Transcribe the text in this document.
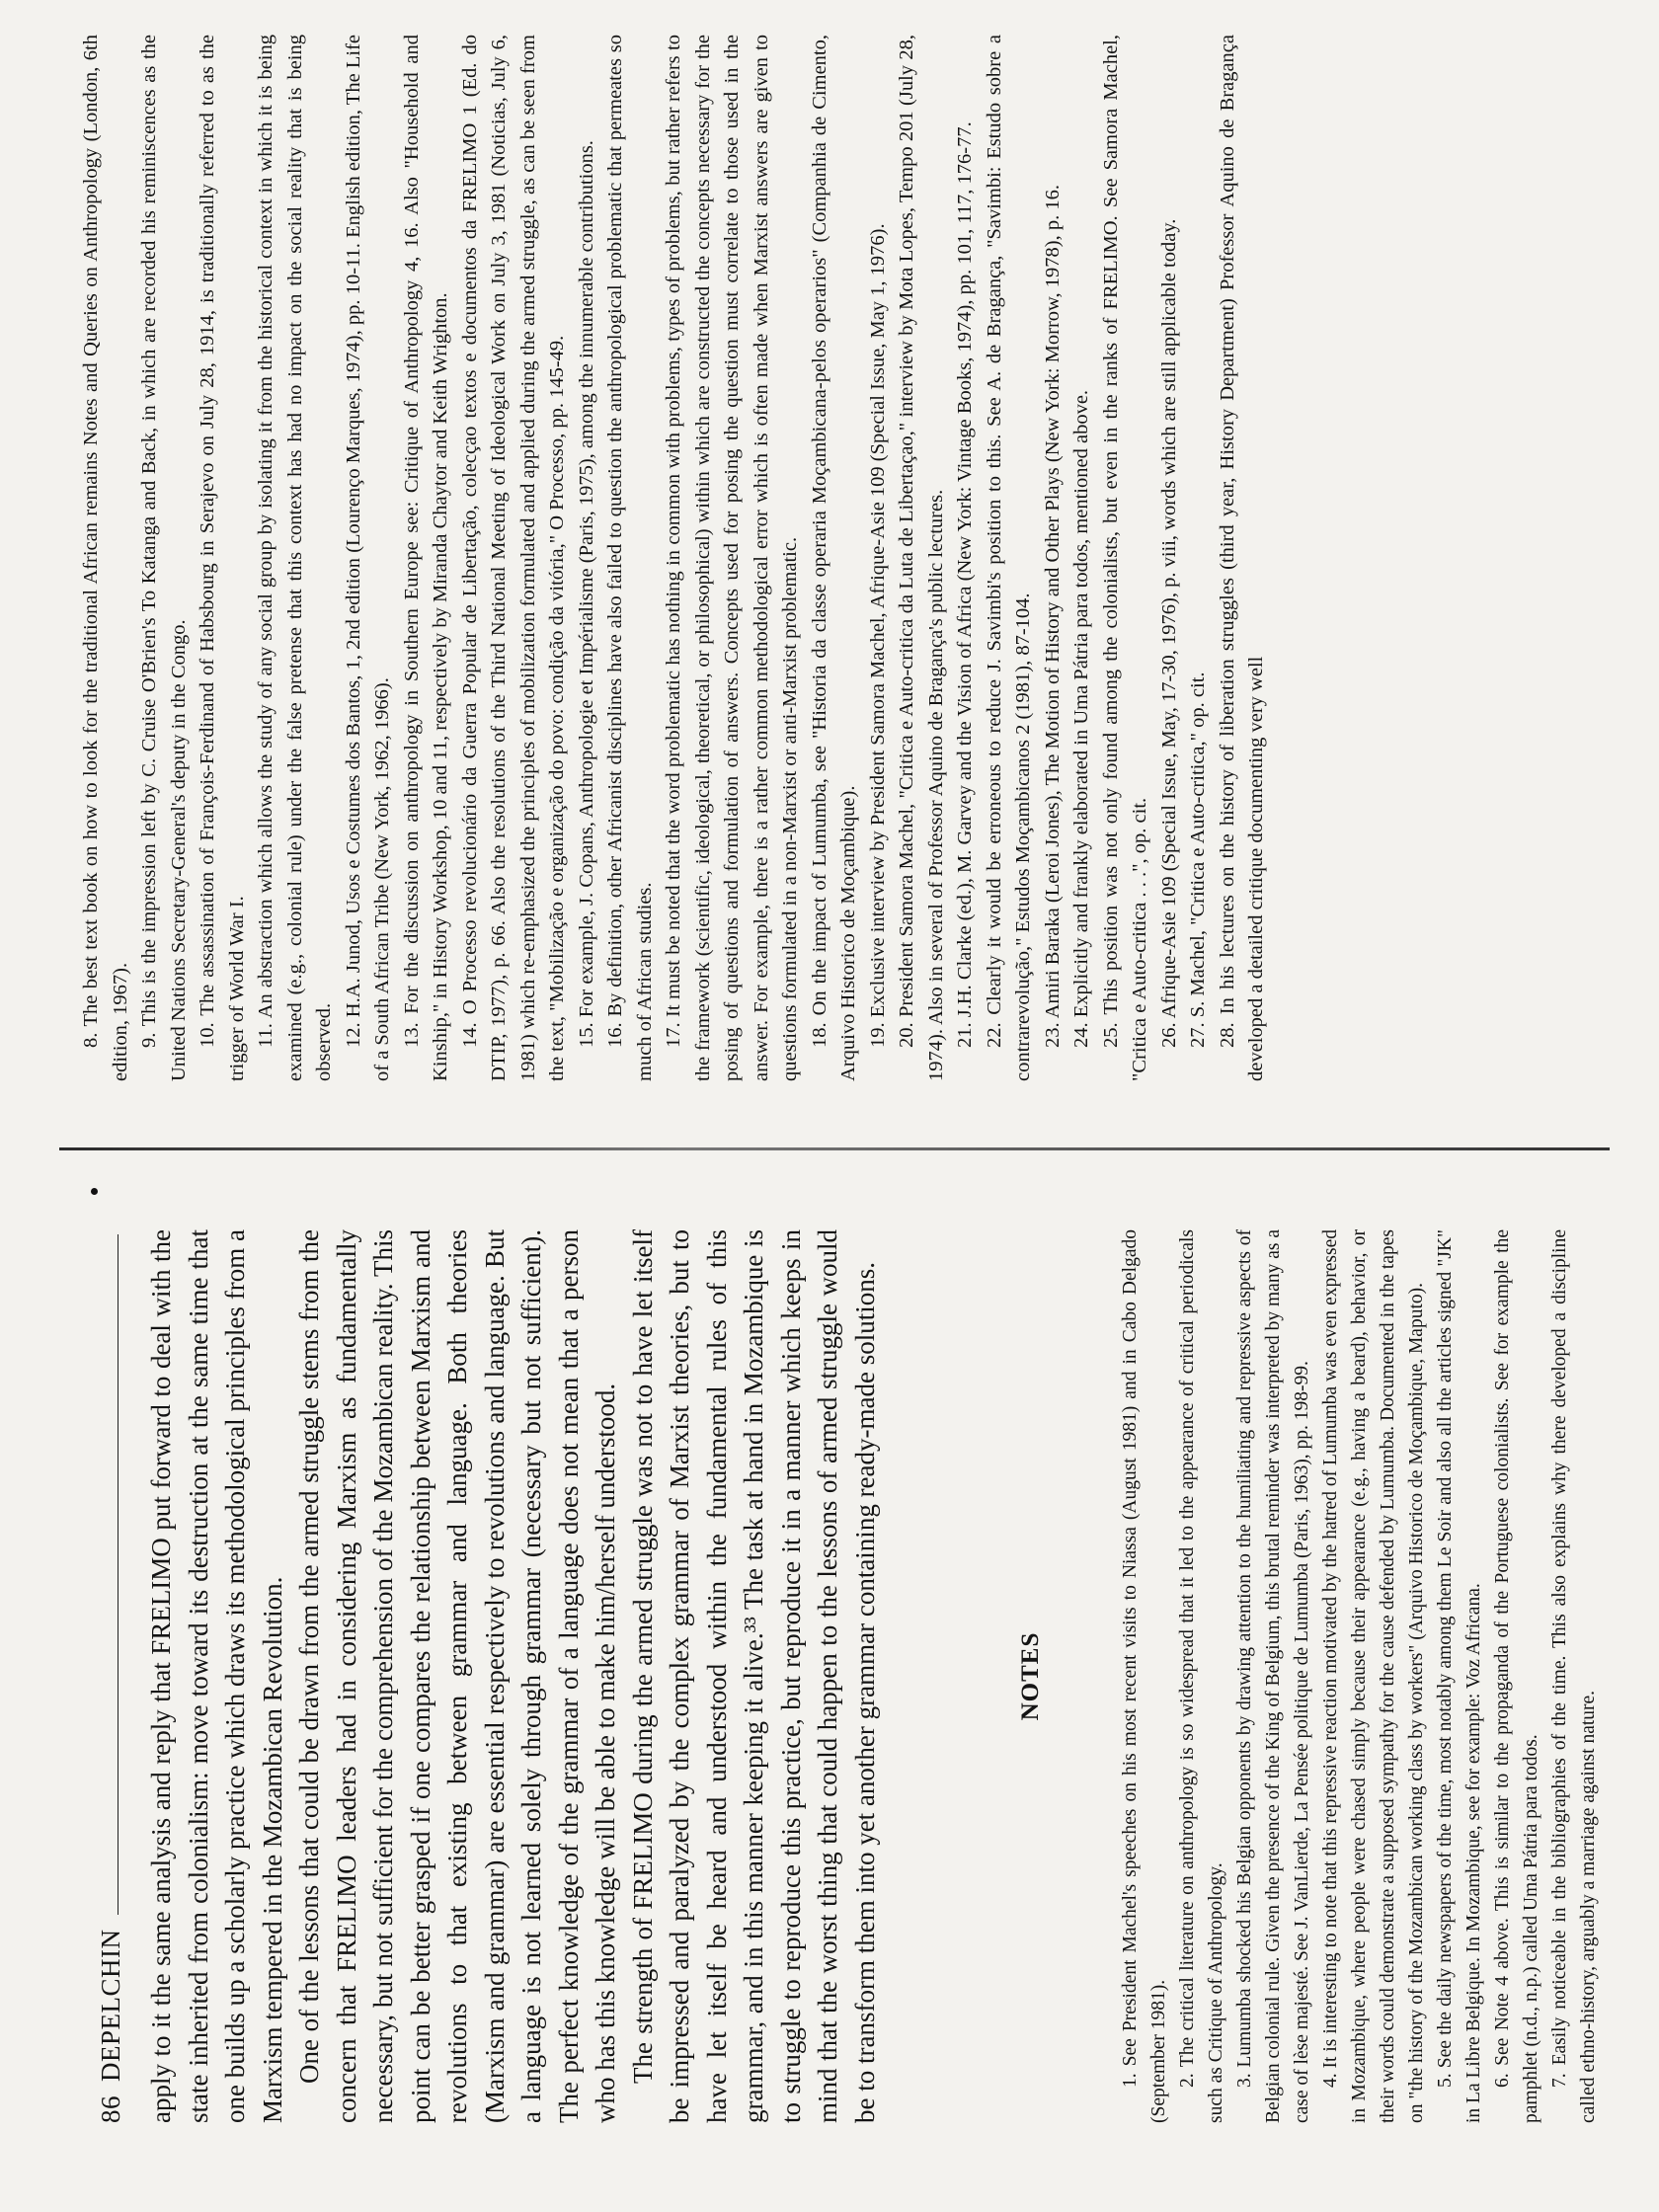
86
DEPELCHIN apply to it the same analysis and reply that FRELIMO put forward to deal with the state inherited from colonialism: move toward its destruction at the same time that one builds up a scholarly practice which draws its methodological principles from a Marxism tempered in the Mozambican Revolution. One of the lessons that could be drawn from the armed struggle stems from the concern that FRELIMO leaders had in considering Marxism as fundamentally necessary, but not sufficient for the comprehension of the Mozambican reality. This point can be better grasped if one compares the relationship between Marxism and revolutions to that existing between grammar and language. Both theories (Marxism and grammar) are essential respectively to revolutions and language. But a language is not learned solely through grammar (necessary but not sufficient). The perfect knowledge of the grammar of a language does not mean that a person who has this knowledge will be able to make him/herself understood. The strength of FRELIMO during the armed struggle was not to have let itself be impressed and paralyzed by the complex grammar of Marxist theories, but to have let itself be heard and understood within the fundamental rules of this grammar, and in this manner keeping it alive.³³ The task at hand in Mozambique is to struggle to reproduce this practice, but reproduce it in a manner which keeps in mind that the worst thing that could happen to the lessons of armed struggle would be to transform them into yet another grammar containing ready-made solutions.	NOTES	1. See President Machel's speeches on his most recent visits to Niassa (August 1981) and in Cabo Delgado (September 1981). 2. The critical literature on anthropology is so widespread that it led to the appearance of critical periodicals such as Critique of Anthropology. 3. Lumumba shocked his Belgian opponents by drawing attention to the humiliating and repressive aspects of Belgian colonial rule. Given the presence of the King of Belgium, this brutal reminder was interpreted by many as a case of lèse majesté. See J. VanLierde, La Pensée politique de Lumumba (Paris, 1963), pp. 198-99. 4. It is interesting to note that this repressive reaction motivated by the hatred of Lumumba was even expressed in Mozambique, where people were chased simply because their appearance (e.g., having a beard), behavior, or their words could demonstrate a supposed sympathy for the cause defended by Lumumba. Documented in the tapes on "the history of the Mozambican working class by workers" (Arquivo Historico de Moçambique, Maputo). 5. See the daily newspapers of the time, most notably among them Le Soir and also all the articles signed "JK" in La Libre Belgique. In Mozambique, see for example: Voz Africana. 6. See Note 4 above. This is similar to the propaganda of the Portuguese colonialists. See for example the pamphlet (n.d., n.p.) called Uma Pátria para todos. 7. Easily noticeable in the bibliographies of the time. This also explains why there developed a discipline called ethno-history, arguably a marriage against nature.

8. The best text book on how to look for the traditional African remains Notes and Queries on Anthropology (London, 6th edition, 1967). 9. This is the impression left by C. Cruise O'Brien's To Katanga and Back, in which are recorded his reminiscences as the United Nations Secretary-General's deputy in the Congo. 10. The assassination of François-Ferdinand of Habsbourg in Serajevo on July 28, 1914, is traditionally referred to as the trigger of World War I. 11. An abstraction which allows the study of any social group by isolating it from the historical context in which it is being examined (e.g., colonial rule) under the false pretense that this context has had no impact on the social reality that is being observed. 12. H.A. Junod, Usos e Costumes dos Bantos, 1, 2nd edition (Lourenço Marques, 1974), pp. 10-11. English edition, The Life of a South African Tribe (New York, 1962, 1966). 13. For the discussion on anthropology in Southern Europe see: Critique of Anthropology 4, 16. Also "Household and Kinship," in History Workshop, 10 and 11, respectively by Miranda Chaytor and Keith Wrighton. 14. O Processo revolucionário da Guerra Popular de Libertação, colecçao textos e documentos da FRELIMO 1 (Ed. do DTIP, 1977), p. 66. Also the resolutions of the Third National Meeting of Ideological Work on July 3, 1981 (Noticias, July 6, 1981) which re-emphasized the principles of mobilization formulated and applied during the armed struggle, as can be seen from the text, "Mobilização e organização do povo: condição da vitória," O Processo, pp. 145-49. 15. For example, J. Copans, Anthropologie et Impérialisme (Paris, 1975), among the innumerable contributions. 16. By definition, other Africanist disciplines have also failed to question the anthropological problematic that permeates so much of African studies. 17. It must be noted that the word problematic has nothing in common with problems, types of problems, but rather refers to the framework (scientific, ideological, theoretical, or philosophical) within which are constructed the concepts necessary for the posing of questions and formulation of answers. Concepts used for posing the question must correlate to those used in the answer. For example, there is a rather common methodological error which is often made when Marxist answers are given to questions formulated in a non-Marxist or anti-Marxist problematic. 18. On the impact of Lumumba, see "Historia da classe operaria Moçambicana-pelos operarios" (Companhia de Cimento, Arquivo Historico de Moçambique). 19. Exclusive interview by President Samora Machel, Afrique-Asie 109 (Special Issue, May 1, 1976). 20. President Samora Machel, "Critica e Auto-critica da Luta de Libertaçao," interview by Mota Lopes, Tempo 201 (July 28, 1974). Also in several of Professor Aquino de Bragança's public lectures. 21. J.H. Clarke (ed.), M. Garvey and the Vision of Africa (New York: Vintage Books, 1974), pp. 101, 117, 176-77. 22. Clearly it would be erroneous to reduce J. Savimbi's position to this. See A. de Bragança, "Savimbi: Estudo sobre a contrarevolução," Estudos Moçambicanos 2 (1981), 87-104. 23. Amiri Baraka (Leroi Jones), The Motion of History and Other Plays (New York: Morrow, 1978), p. 16. 24. Explicitly and frankly elaborated in Uma Pátria para todos, mentioned above. 25. This position was not only found among the colonialists, but even in the ranks of FRELIMO. See Samora Machel, "Critica e Auto-critica . . .", op. cit. 26. Afrique-Asie 109 (Special Issue, May, 17-30, 1976), p. viii, words which are still applicable today. 27. S. Machel, "Critica e Auto-critica," op. cit. 28. In his lectures on the history of liberation struggles (third year, History Department) Professor Aquino de Bragança developed a detailed critique documenting very well
